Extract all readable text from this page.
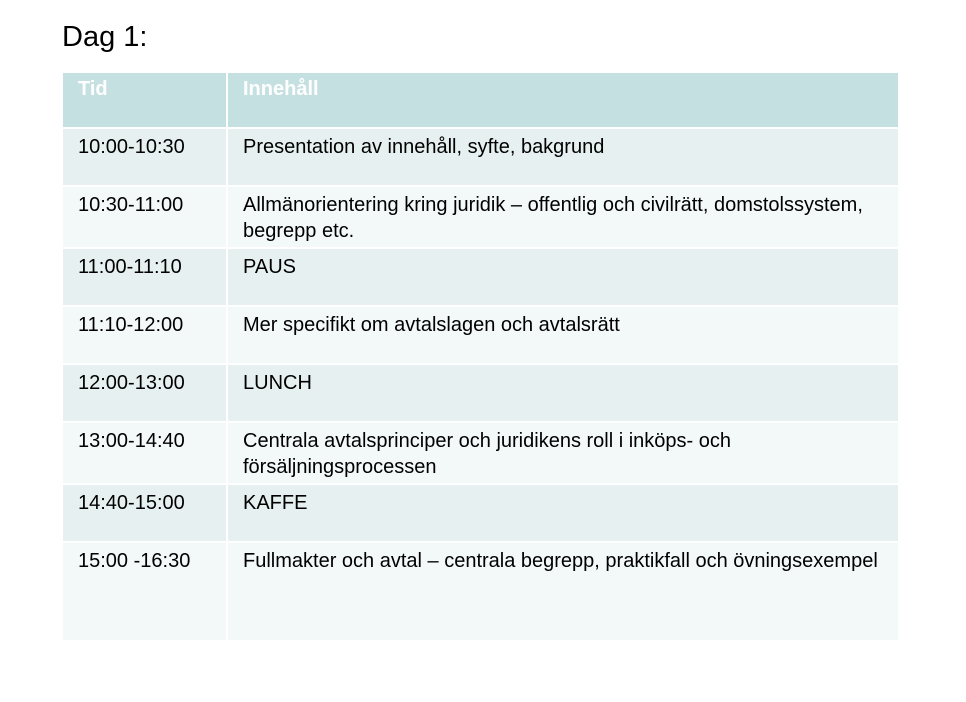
Dag 1:
Tid	Innehåll
10:00-10:30	Presentation av innehåll, syfte, bakgrund
10:30-11:00	Allmänorientering kring juridik – offentlig och civilrätt, domstolssystem, begrepp etc.
11:00-11:10	PAUS
11:10-12:00	Mer specifikt om avtalslagen och avtalsrätt
12:00-13:00	LUNCH
13:00-14:40	Centrala avtalsprinciper och juridikens roll i inköps- och försäljningsprocessen
14:40-15:00	KAFFE
15:00 -16:30	Fullmakter och avtal – centrala begrepp, praktikfall och övningsexempel
